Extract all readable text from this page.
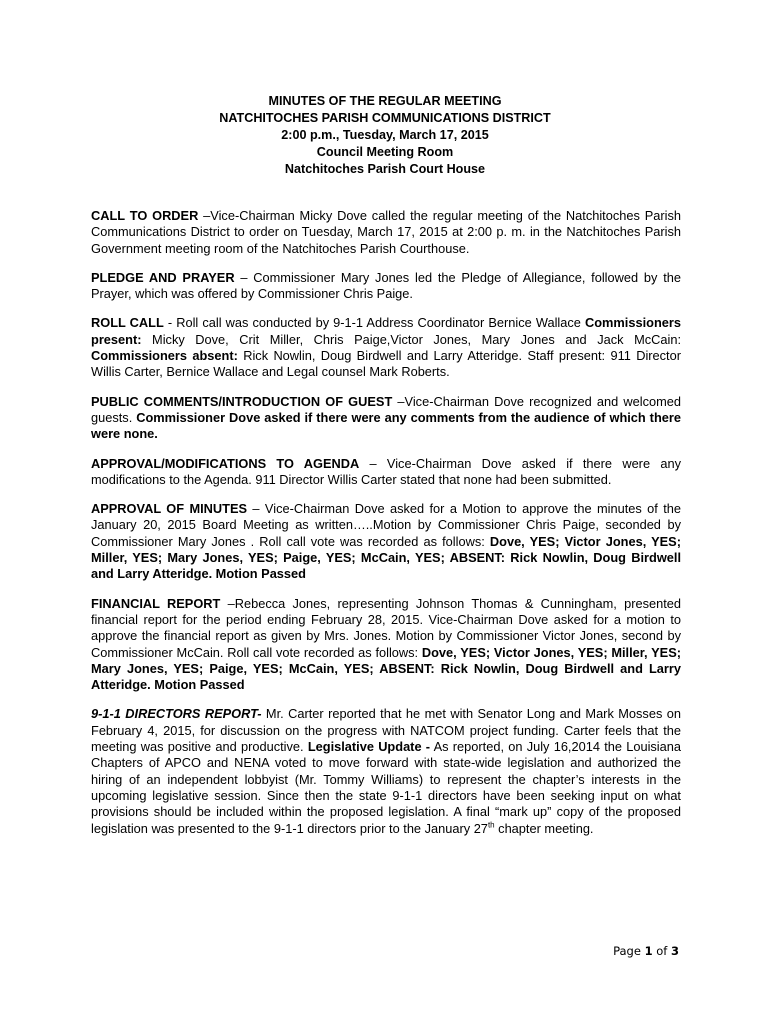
MINUTES OF THE REGULAR MEETING
NATCHITOCHES PARISH COMMUNICATIONS DISTRICT
2:00 p.m., Tuesday, March 17, 2015
Council Meeting Room
Natchitoches Parish Court House

CALL TO ORDER –Vice-Chairman Micky Dove called the regular meeting of the Natchitoches Parish Communications District to order on Tuesday, March 17, 2015 at 2:00 p. m. in the Natchitoches Parish Government meeting room of the Natchitoches Parish Courthouse.

PLEDGE AND PRAYER – Commissioner Mary Jones led the Pledge of Allegiance, followed by the Prayer, which was offered by Commissioner Chris Paige.

ROLL CALL - Roll call was conducted by 9-1-1 Address Coordinator Bernice Wallace Commissioners present: Micky Dove, Crit Miller, Chris Paige,Victor Jones, Mary Jones and Jack McCain: Commissioners absent: Rick Nowlin, Doug Birdwell and Larry Atteridge. Staff present: 911 Director Willis Carter, Bernice Wallace and Legal counsel Mark Roberts.

PUBLIC COMMENTS/INTRODUCTION OF GUEST –Vice-Chairman Dove recognized and welcomed guests. Commissioner Dove asked if there were any comments from the audience of which there were none.

APPROVAL/MODIFICATIONS TO AGENDA – Vice-Chairman Dove asked if there were any modifications to the Agenda. 911 Director Willis Carter stated that none had been submitted.

APPROVAL OF MINUTES – Vice-Chairman Dove asked for a Motion to approve the minutes of the January 20, 2015 Board Meeting as written…..Motion by Commissioner Chris Paige, seconded by Commissioner Mary Jones . Roll call vote was recorded as follows: Dove, YES; Victor Jones, YES; Miller, YES; Mary Jones, YES; Paige, YES; McCain, YES; ABSENT: Rick Nowlin, Doug Birdwell and Larry Atteridge. Motion Passed

FINANCIAL REPORT –Rebecca Jones, representing Johnson Thomas & Cunningham, presented financial report for the period ending February 28, 2015. Vice-Chairman Dove asked for a motion to approve the financial report as given by Mrs. Jones. Motion by Commissioner Victor Jones, second by Commissioner McCain. Roll call vote recorded as follows: Dove, YES; Victor Jones, YES; Miller, YES; Mary Jones, YES; Paige, YES; McCain, YES; ABSENT: Rick Nowlin, Doug Birdwell and Larry Atteridge. Motion Passed

9-1-1 DIRECTORS REPORT- Mr. Carter reported that he met with Senator Long and Mark Mosses on February 4, 2015, for discussion on the progress with NATCOM project funding. Carter feels that the meeting was positive and productive. Legislative Update - As reported, on July 16,2014 the Louisiana Chapters of APCO and NENA voted to move forward with state-wide legislation and authorized the hiring of an independent lobbyist (Mr. Tommy Williams) to represent the chapter’s interests in the upcoming legislative session. Since then the state 9-1-1 directors have been seeking input on what provisions should be included within the proposed legislation. A final “mark up” copy of the proposed legislation was presented to the 9-1-1 directors prior to the January 27th chapter meeting.

Page 1 of 3
